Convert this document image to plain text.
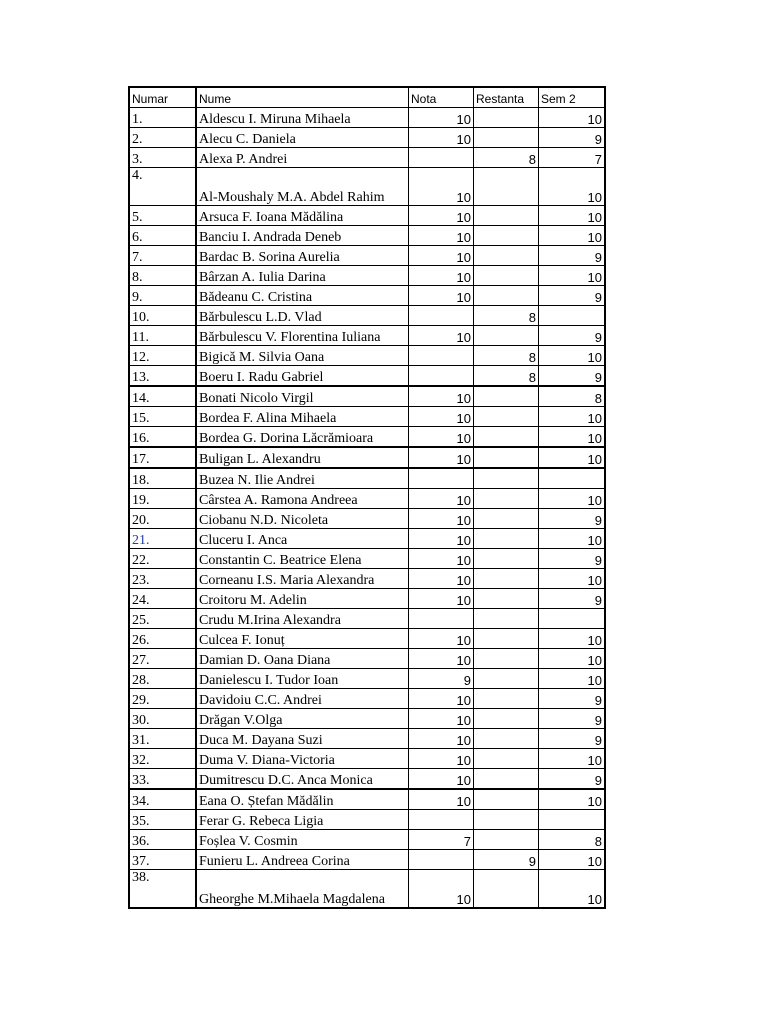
Numar	Nume	Nota	Restanta	Sem 2
1.	Aldescu I. Miruna Mihaela	10		10
2.	Alecu C. Daniela	10		9
3.	Alexa P. Andrei		8	7
4.	Al-Moushaly M.A. Abdel Rahim	10		10
5.	Arsuca F. Ioana Mădălina	10		10
6.	Banciu I. Andrada Deneb	10		10
7.	Bardac B. Sorina Aurelia	10		9
8.	Bârzan A. Iulia Darina	10		10
9.	Bădeanu C. Cristina	10		9
10.	Bărbulescu L.D. Vlad		8	
11.	Bărbulescu V. Florentina Iuliana	10		9
12.	Bigică M. Silvia Oana		8	10
13.	Boeru I. Radu Gabriel		8	9
14.	Bonati Nicolo Virgil	10		8
15.	Bordea F. Alina Mihaela	10		10
16.	Bordea G. Dorina Lăcrămioara	10		10
17.	Buligan L. Alexandru	10		10
18.	Buzea N. Ilie Andrei			
19.	Cârstea A. Ramona Andreea	10		10
20.	Ciobanu N.D. Nicoleta	10		9
21.	Cluceru I. Anca	10		10
22.	Constantin C. Beatrice Elena	10		9
23.	Corneanu I.S. Maria Alexandra	10		10
24.	Croitoru M. Adelin	10		9
25.	Crudu M.Irina Alexandra			
26.	Culcea F. Ionuț	10		10
27.	Damian D. Oana Diana	10		10
28.	Danielescu I. Tudor Ioan	9		10
29.	Davidoiu C.C. Andrei	10		9
30.	Drăgan V.Olga	10		9
31.	Duca M. Dayana Suzi	10		9
32.	Duma V. Diana-Victoria	10		10
33.	Dumitrescu D.C. Anca Monica	10		9
34.	Eana O. Ștefan Mădălin	10		10
35.	Ferar G. Rebeca Ligia			
36.	Foșlea V. Cosmin	7		8
37.	Funieru L. Andreea Corina		9	10
38.	Gheorghe M.Mihaela Magdalena	10		10
